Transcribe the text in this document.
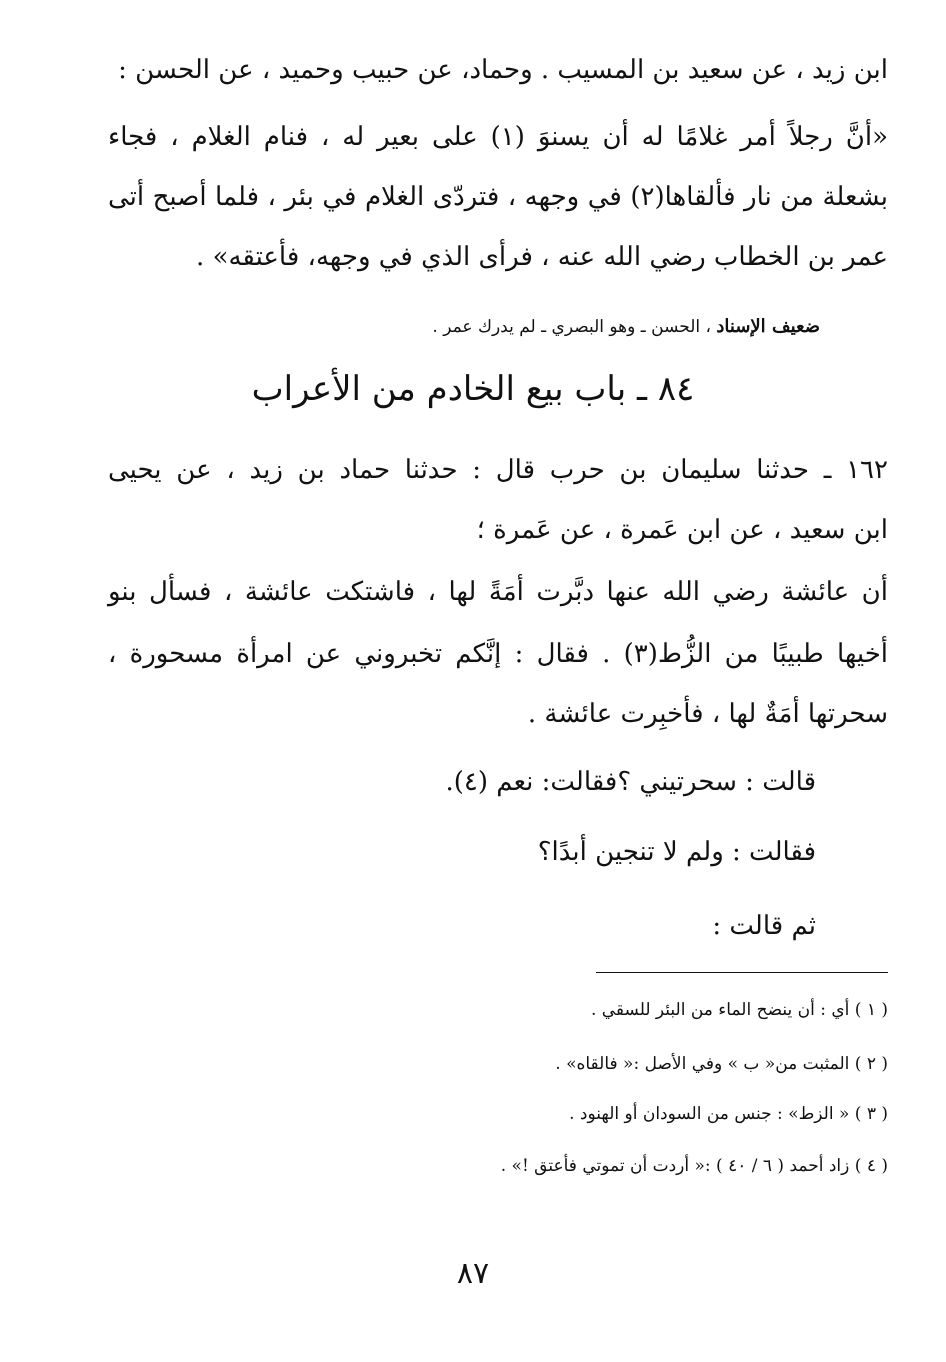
ابن زيد ، عن سعيد بن المسيب . وحماد، عن حبيب وحميد ، عن الحسن :

«أنَّ رجلاً أمر غلامًا له أن يسنوَ (١) على بعير له ، فنام الغلام ، فجاء

بشعلة من نار فألقاها(٢) في وجهه ، فتردّى الغلام في بئر ، فلما أصبح أتى

عمر بن الخطاب رضي الله عنه ، فرأى الذي في وجهه، فأعتقه» .

ضعيف الإسناد ، الحسن ـ وهو البصري ـ لم يدرك عمر .

٨٤ ـ باب بيع الخادم من الأعراب

١٦٢ ـ حدثنا سليمان بن حرب قال : حدثنا حماد بن زيد ، عن يحيى

ابن سعيد ، عن ابن عَمرة ، عن عَمرة ؛

أن عائشة رضي الله عنها دبَّرت أمَةً لها ، فاشتكت عائشة ، فسأل بنو

أخيها طبيبًا من الزُّط(٣) . فقال : إنَّكم تخبروني عن امرأة مسحورة ،

سحرتها أمَةٌ لها ، فأخبِرت عائشة .

قالت : سحرتيني ؟فقالت: نعم (٤).

فقالت : ولم لا تنجين أبدًا؟

ثم قالت :

( ١ ) أي : أن ينضح الماء من البئر للسقي .

( ٢ ) المثبت من« ب » وفي الأصل :« فالقاه» .

( ٣ ) « الزط» : جنس من السودان أو الهنود .

( ٤ ) زاد أحمد ( ٦ / ٤٠ ) :« أردت أن تموتي فأعتق !» .

٨٧
